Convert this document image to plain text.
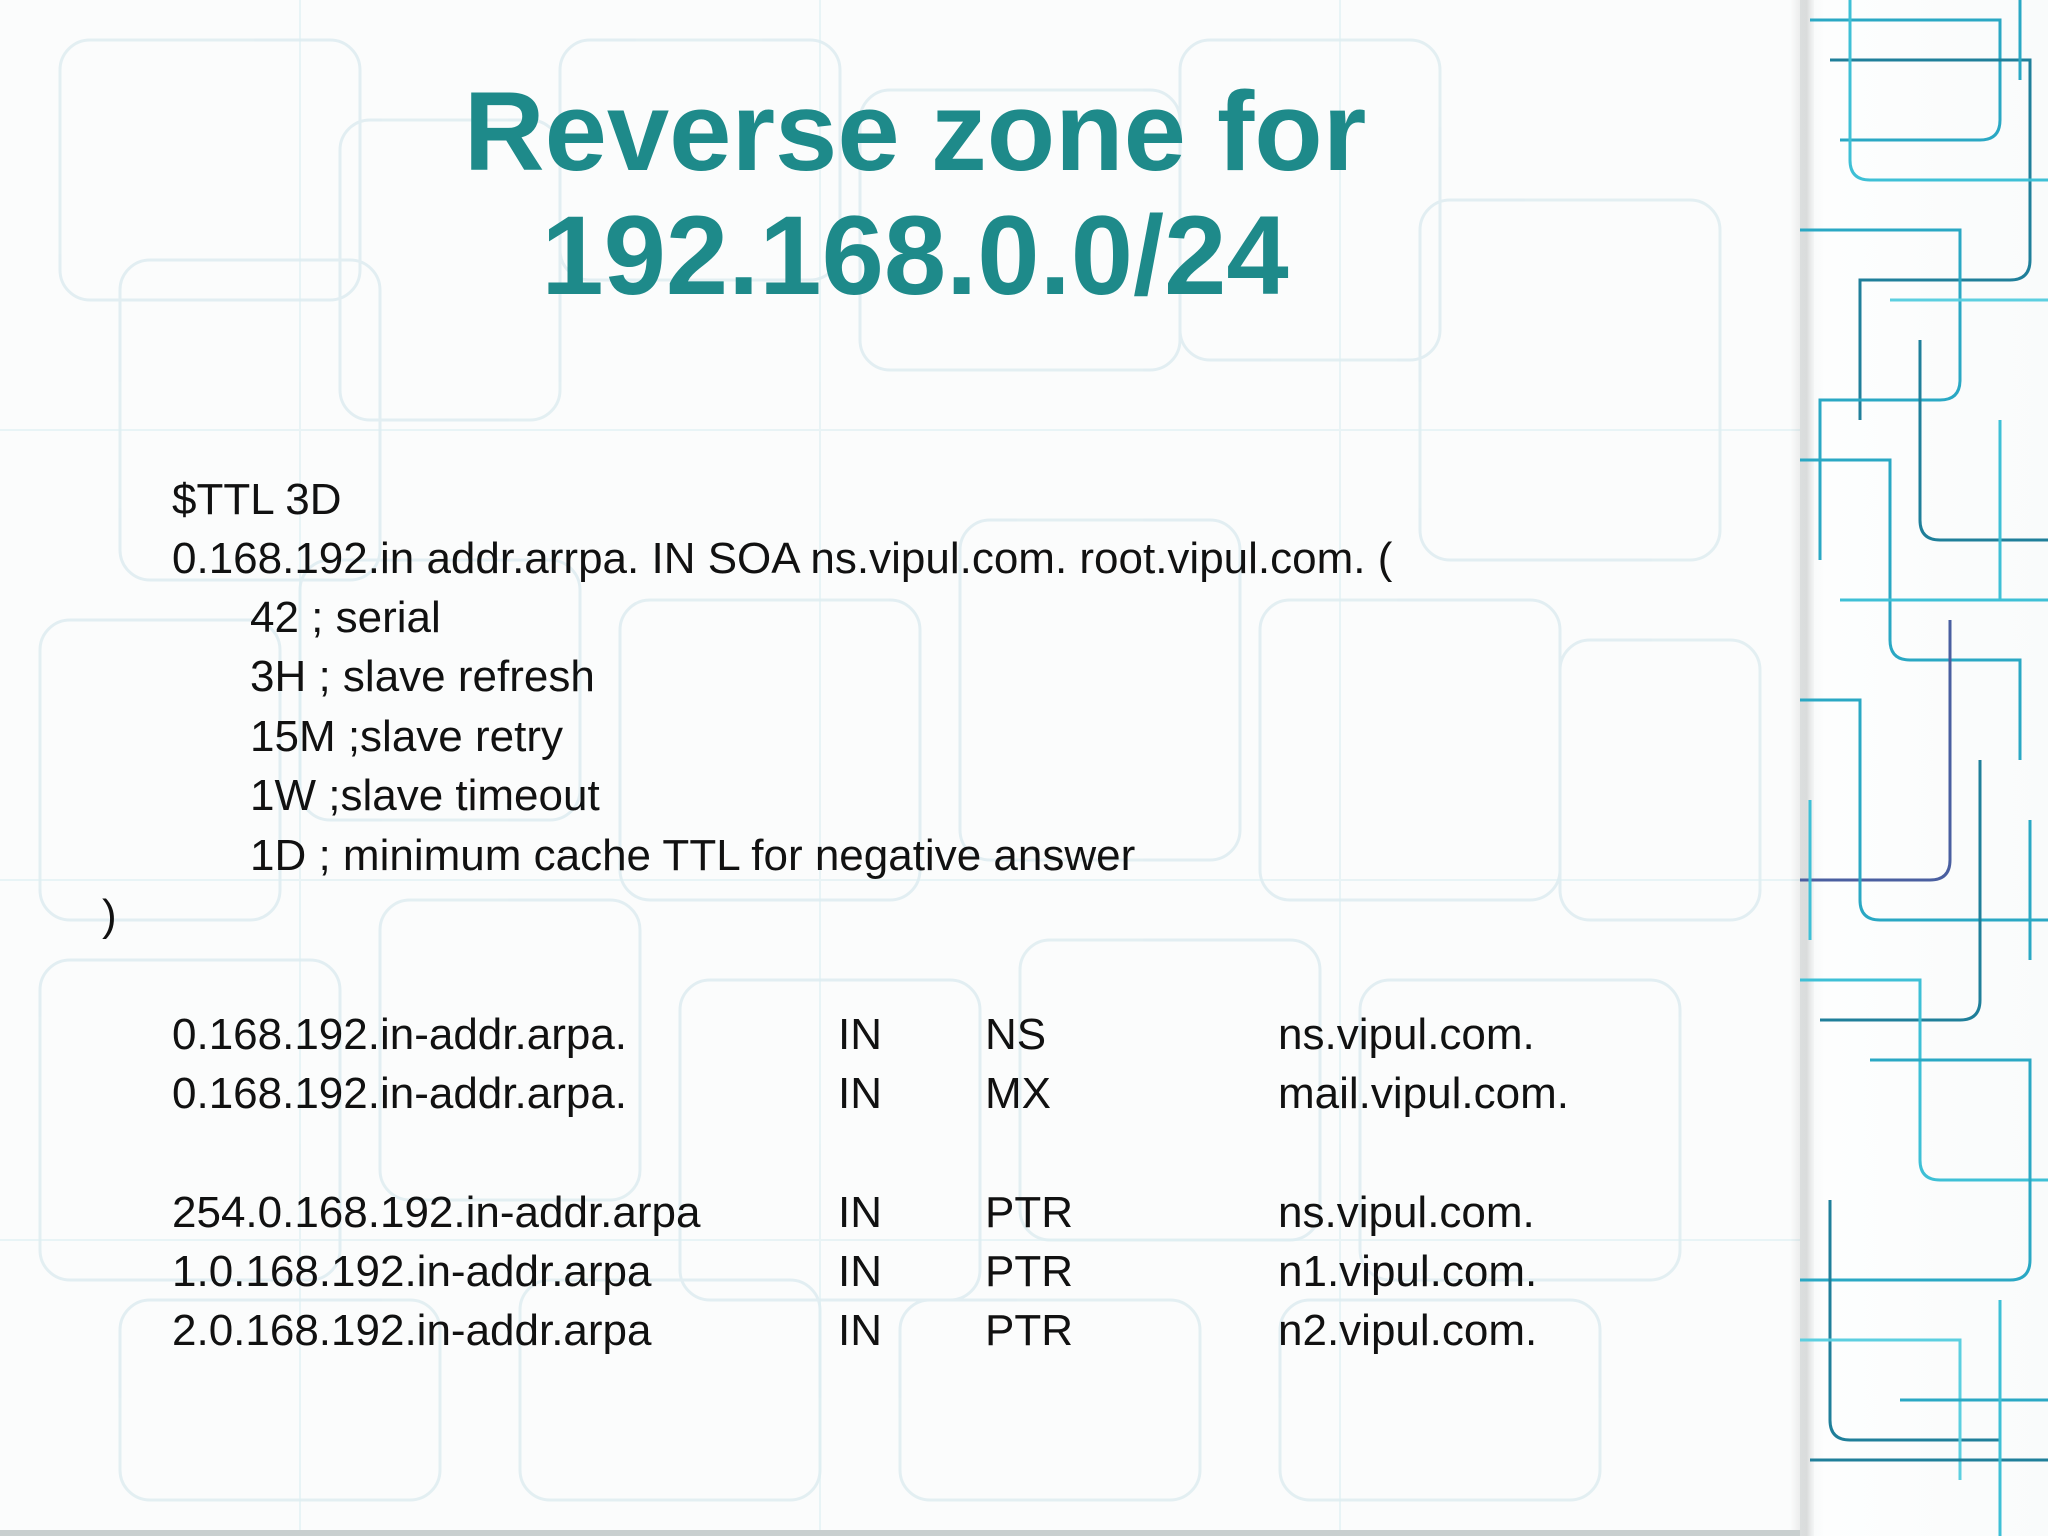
Reverse zone for
192.168.0.0/24
$TTL 3D
0.168.192.in addr.arrpa. IN SOA ns.vipul.com. root.vipul.com. (
42 ; serial
3H ; slave refresh
15M ;slave retry
1W ;slave timeout
1D ; minimum cache TTL for negative answer
)
0.168.192.in-addr.arpa.	IN NS	ns.vipul.com.
0.168.192.in-addr.arpa.	IN MX	mail.vipul.com.
254.0.168.192.in-addr.arpa	IN PTR	ns.vipul.com.
1.0.168.192.in-addr.arpa	IN PTR	n1.vipul.com.
2.0.168.192.in-addr.arpa	IN PTR	n2.vipul.com.
